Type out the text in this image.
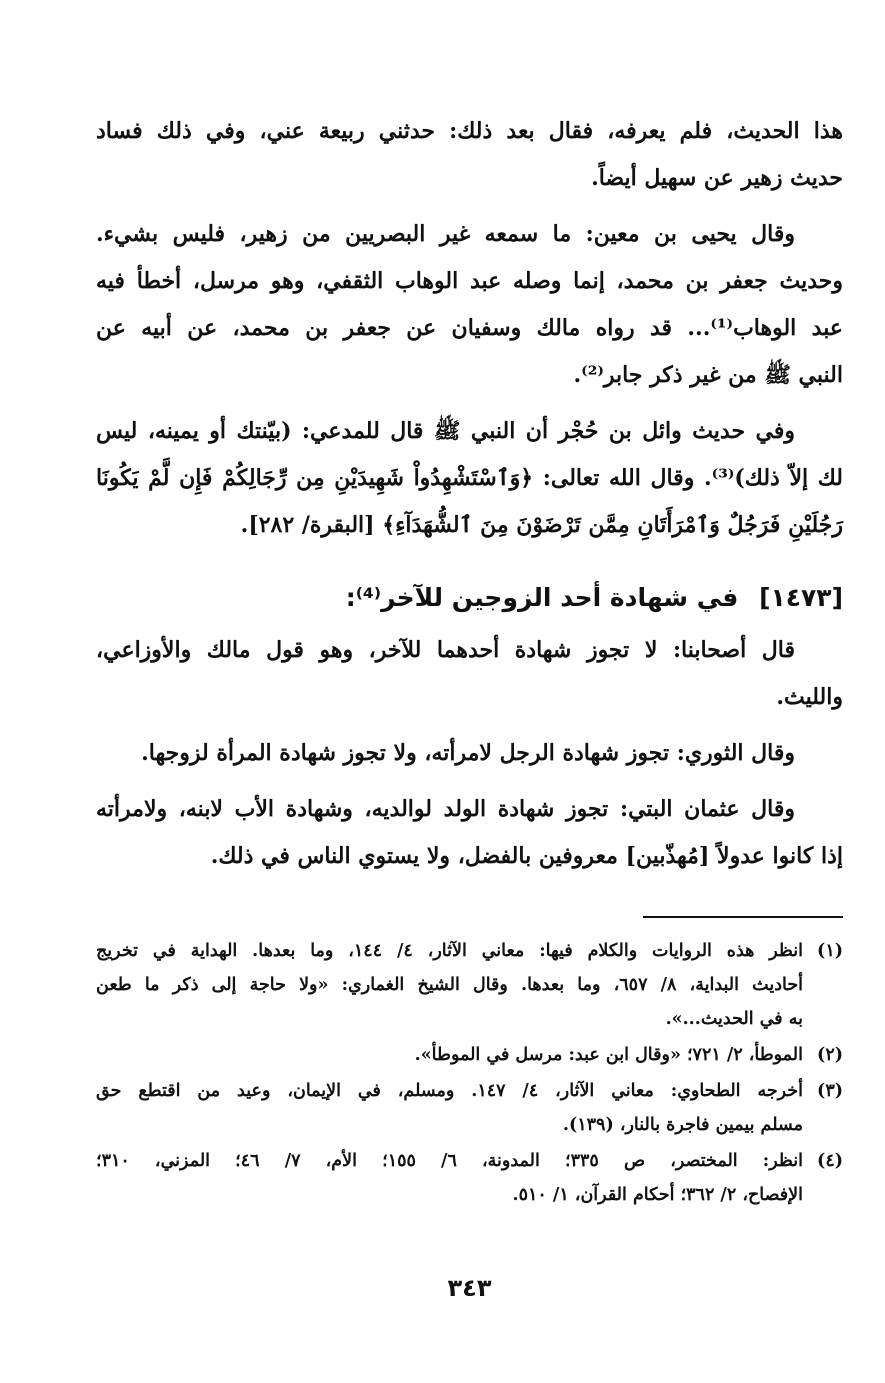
هذا الحديث، فلم يعرفه، فقال بعد ذلك: حدثني ربيعة عني، وفي ذلك فساد
حديث زهير عن سهيل أيضاً.
وقال يحيى بن معين: ما سمعه غير البصريين من زهير، فليس بشيء.
وحديث جعفر بن محمد، إنما وصله عبد الوهاب الثقفي، وهو مرسل، أخطأ فيه
عبد الوهاب⁽¹⁾... قد رواه مالك وسفيان عن جعفر بن محمد، عن أبيه عن
النبي ﷺ من غير ذكر جابر⁽²⁾.
وفي حديث وائل بن حُجْر أن النبي ﷺ قال للمدعي: (بيّنتك أو يمينه، ليس
لك إلاّ ذلك)⁽³⁾. وقال الله تعالى: ﴿وَٱسْتَشْهِدُواْ شَهِيدَيْنِ مِن رِّجَالِكُمْ فَإِن لَّمْ يَكُونَا
رَجُلَيْنِ فَرَجُلٌ وَٱمْرَأَتَانِ مِمَّن تَرْضَوْنَ مِنَ ٱلشُّهَدَآءِ﴾ [البقرة/ ٢٨٢].
[١٤٧٣] في شهادة أحد الزوجين للآخر⁽⁴⁾:
قال أصحابنا: لا تجوز شهادة أحدهما للآخر، وهو قول مالك والأوزاعي،
والليث.
وقال الثوري: تجوز شهادة الرجل لامرأته، ولا تجوز شهادة المرأة لزوجها.
وقال عثمان البتي: تجوز شهادة الولد لوالديه، وشهادة الأب لابنه، ولامرأته
إذا كانوا عدولاً [مُهذّبين] معروفين بالفضل، ولا يستوي الناس في ذلك.
(١)
انظر هذه الروايات والكلام فيها: معاني الآثار، ٤/ ١٤٤، وما بعدها. الهداية في تخريج
أحاديث البداية، ٨/ ٦٥٧، وما بعدها. وقال الشيخ الغماري: «ولا حاجة إلى ذكر ما طعن
به في الحديث...».
(٢)
الموطأ، ٢/ ٧٢١؛ «وقال ابن عبد: مرسل في الموطأ».
(٣)
أخرجه الطحاوي: معاني الآثار، ٤/ ١٤٧. ومسلم، في الإيمان، وعيد من اقتطع حق
مسلم بيمين فاجرة بالنار، (١٣٩).
(٤)
انظر: المختصر، ص ٣٣٥؛ المدونة، ٦/ ١٥٥؛ الأم، ٧/ ٤٦؛ المزني، ٣١٠؛
الإفصاح، ٢/ ٣٦٢؛ أحكام القرآن، ١/ ٥١٠.
٣٤٣
